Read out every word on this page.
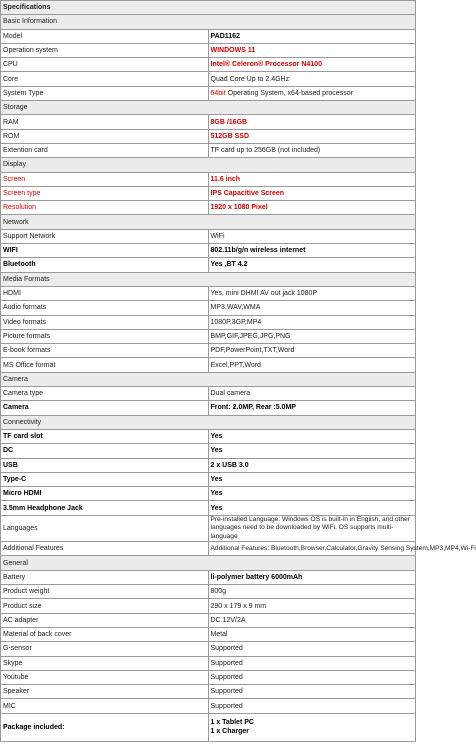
Specifications	
Basic Information	
Model	PAD1162
Operation system	WINDOWS 11
CPU	Intel® Celeron® Processor N4100
Core	Quad Core Up to 2.4GHz
System Type	64bit Operating System, x64-based processor
Storage	
RAM	8GB /16GB
ROM	512GB SSD
Extention card	TF card up to 256GB (not included)
Display	
Screen	11.6 inch
Screen type	IPS Capacitive Screen
Resolution	1920 x 1080 Pixel
Network	
Support Network	WiFi
WIFI	802.11b/g/n wireless internet
Bluetooth	Yes ,BT 4.2
Media Formats	
HDMI	Yes, mini DHMI AV out jack 1080P
Audio formats	MP3,WAV,WMA
Video formats	1080P,3GP,MP4
Picture formats	BMP,GIF,JPEG,JPG,PNG
E-book formats	PDF,PowerPoint,TXT,Word
MS Office format	Excel,PPT,Word
Camera	
Camera type	Dual camera
Camera	Front: 2.0MP, Rear :5.0MP
Connectivity	
TF card slot	Yes
DC	Yes
USB	2 x USB 3.0
Type-C	Yes
Micro HDMI	Yes
3.5mm Headphone Jack	Yes
Languages	Pre-installed Language: Windows OS is built-in in English, and other languages need to be downloaded by WiFi. OS supports multi-language
Additional Features	Additional Features: Bluetooth,Browser,Calculator,Gravity Sensing System,MP3,MP4,Wi-Fi
General	
Battery	li-polymer battery 6000mAh
Product weight	800g
Product size	290 x 179 x 9 mm
AC adapter	DC 12V/2A
Material of back cover	Metal
G-sensor	Supported
Skype	Supported
Youtube	Supported
Speaker	Supported
MIC	Supported
Package included:	1 x Tablet PC
1 x Charger
